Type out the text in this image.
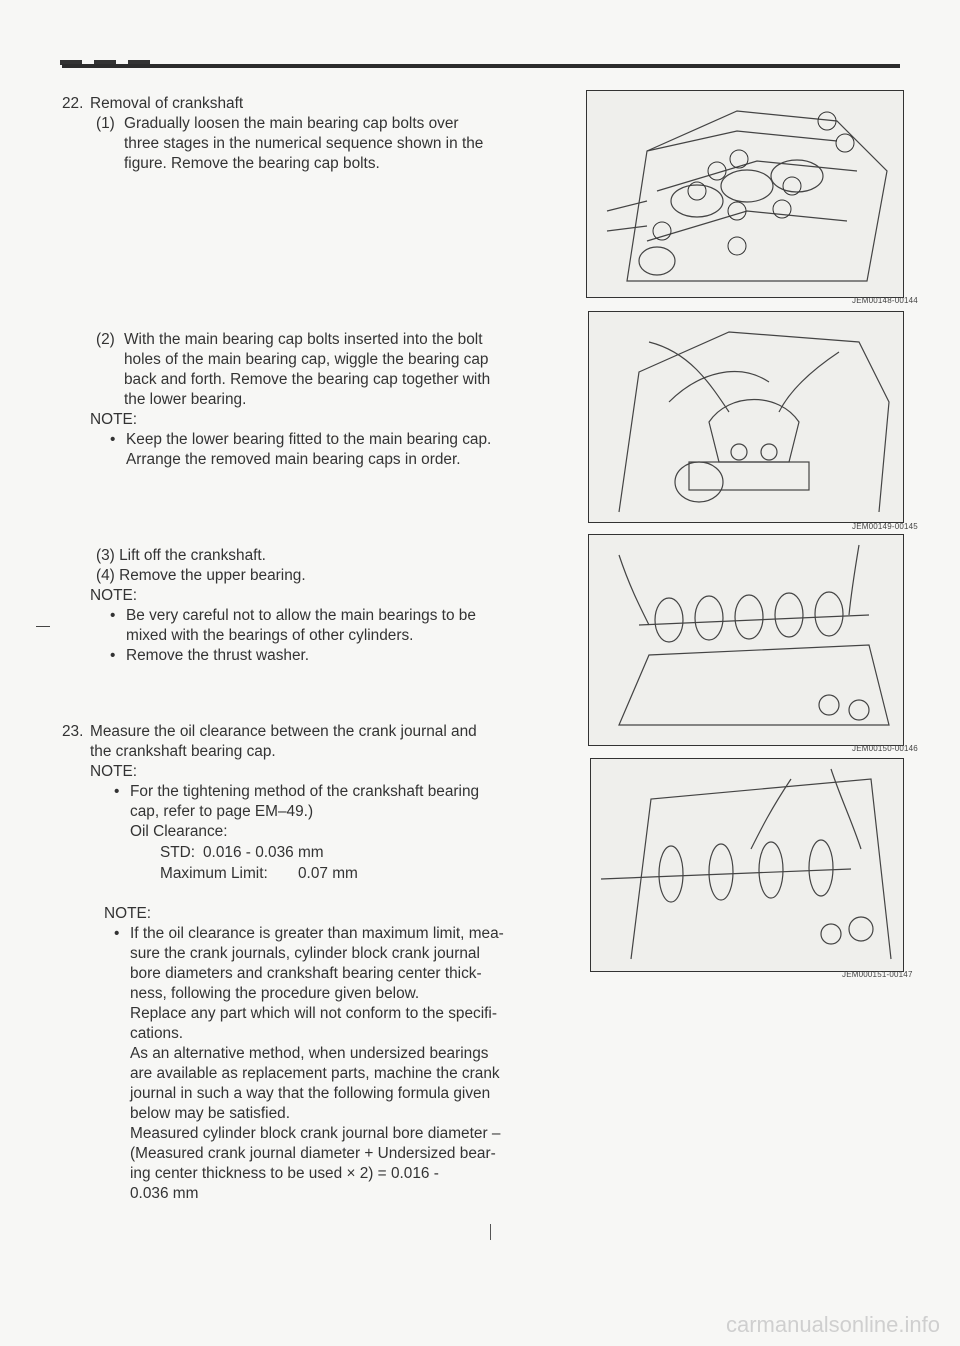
22. Removal of crankshaft
(1) Gradually loosen the main bearing cap bolts over
three stages in the numerical sequence shown in the
figure. Remove the bearing cap bolts.
(2) With the main bearing cap bolts inserted into the bolt
holes of the main bearing cap, wiggle the bearing cap
back and forth. Remove the bearing cap together with
the lower bearing.
NOTE:
• Keep the lower bearing fitted to the main bearing cap.
Arrange the removed main bearing caps in order.
(3) Lift off the crankshaft.
(4) Remove the upper bearing.
NOTE:
• Be very careful not to allow the main bearings to be
mixed with the bearings of other cylinders.
• Remove the thrust washer.
23. Measure the oil clearance between the crank journal and
the crankshaft bearing cap.
NOTE:
• For the tightening method of the crankshaft bearing
cap, refer to page EM–49.)
Oil Clearance:
STD: 0.016 - 0.036 mm
Maximum Limit: 0.07 mm
NOTE:
• If the oil clearance is greater than maximum limit, mea-
sure the crank journals, cylinder block crank journal
bore diameters and crankshaft bearing center thick-
ness, following the procedure given below.
Replace any part which will not conform to the specifi-
cations.
As an alternative method, when undersized bearings
are available as replacement parts, machine the crank
journal in such a way that the following formula given
below may be satisfied.
Measured cylinder block crank journal bore diameter –
(Measured crank journal diameter + Undersized bear-
ing center thickness to be used × 2) = 0.016 -
0.036 mm
JEM00148-00144
JEM00149-00145
JEM00150-00146
JEM000151-00147
carmanualsonline.info
